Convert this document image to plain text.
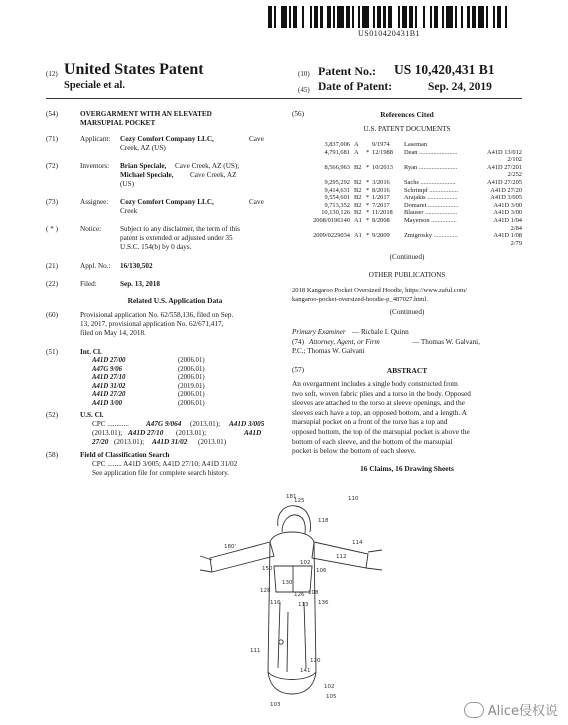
US010420431B1
(12) United States Patent
Speciale et al.
(10) Patent No.: US 10,420,431 B1
(45) Date of Patent:	Sep. 24, 2019
(54)	OVERGARMENT WITH AN ELEVATED
MARSUPIAL POCKET
(71)	Applicant: Cozy Comfort Company LLC,	Cave
Creek, AZ (US)
(72)	Inventors: Brian Speciale, Cave Creek, AZ (US);
Michael Speciale, Cave Creek, AZ
(US)
(73)	Assignee: Cozy Comfort Company LLC,	Cave
Creek
( * )	Notice:	Subject to any disclaimer, the term of this
patent is extended or adjusted under 35
U.S.C. 154(b) by 0 days.
(21)	Appl. No.: 16/130,502
(22)	Filed:	Sep. 13, 2018
Related U.S. Application Data
(60)	Provisional application No. 62/558,136, filed on Sep.
13, 2017, provisional application No. 62/671,417,
filed on May 14, 2018.
(51)	Int. Cl.
A41D 27/00	(2006.01)
A47G 9/06	(2006.01)
A41D 27/10	(2006.01)
A41D 31/02	(2019.01)
A41D 27/20	(2006.01)
A41D 3/00	(2006.01)
(52)	U.S. Cl.
CPC ............ A47G 9/064 (2013.01); A41D 3/005
(2013.01); A41D 27/10 (2013.01);	A41D
27/20 (2013.01); A41D 31/02 (2013.01)
(58)	Field of Classification Search
CPC ........ A41D 3/005; A41D 27/10; A41D 31/02
See application file for complete search history.
(56)	References Cited
U.S. PATENT DOCUMENTS
3,837,006 A	9/1974	Laseman
4,791,681 A	* 12/1988	Dean ........................	A41D 13/012
2/102
8,566,963 B2 * 10/2013	Ryan ........................	A41D 27/201
2/252
9,295,292 B2 * 3/2016	Sachs ......................	A41D 27/205
9,414,631 B2 * 8/2016	Schrimpf ..................	A41D 27/20
9,554,601 B2 * 1/2017	Arajakis ...................	A41D 3/005
9,713,352 B2 * 7/2017	Domaret ...................	A41D 3/00
10,130,126 B2 * 11/2018	Blauser ....................	A41D 3/00
2008/0196140 A1 * 8/2008	Mayerson ................	A41D 1/04
2/84
2009/0229034 A1 * 9/2009	Zmigrosky ...............	A41D 1/08
2/79
(Continued)
OTHER PUBLICATIONS
2018 Kangaroo Pocket Oversized Hoodie, https://www.zaful.com/
kangaroo-pocket-oversized-hoodie-p_487027.html.
(Continued)
Primary Examiner — Richale I. Quinn
(74) Attorney, Agent, or Firm	— Thomas W. Galvani,
P.C.; Thomas W. Galvani
(57)	ABSTRACT
An overgarment includes a single body constructed from
two soft, woven fabric plies and a torso in the body. Opposed
sleeves are attached to the torso at sleeve openings, and the
sleeves each have a top, an opposed bottom, and a length. A
marsupial pocket on a front of the torso has a top and
opposed bottom, the top of the marsupial pocket is above the
bottom of each sleeve, and the bottom of the marsupial
pocket is below the bottom of each sleeve.
16 Claims, 16 Drawing Sheets
110
125
181
118
180'
112
114
150	106
102
130
108
128
116	113
126
136
111
120
141
102
105
103	Alice侵权说
